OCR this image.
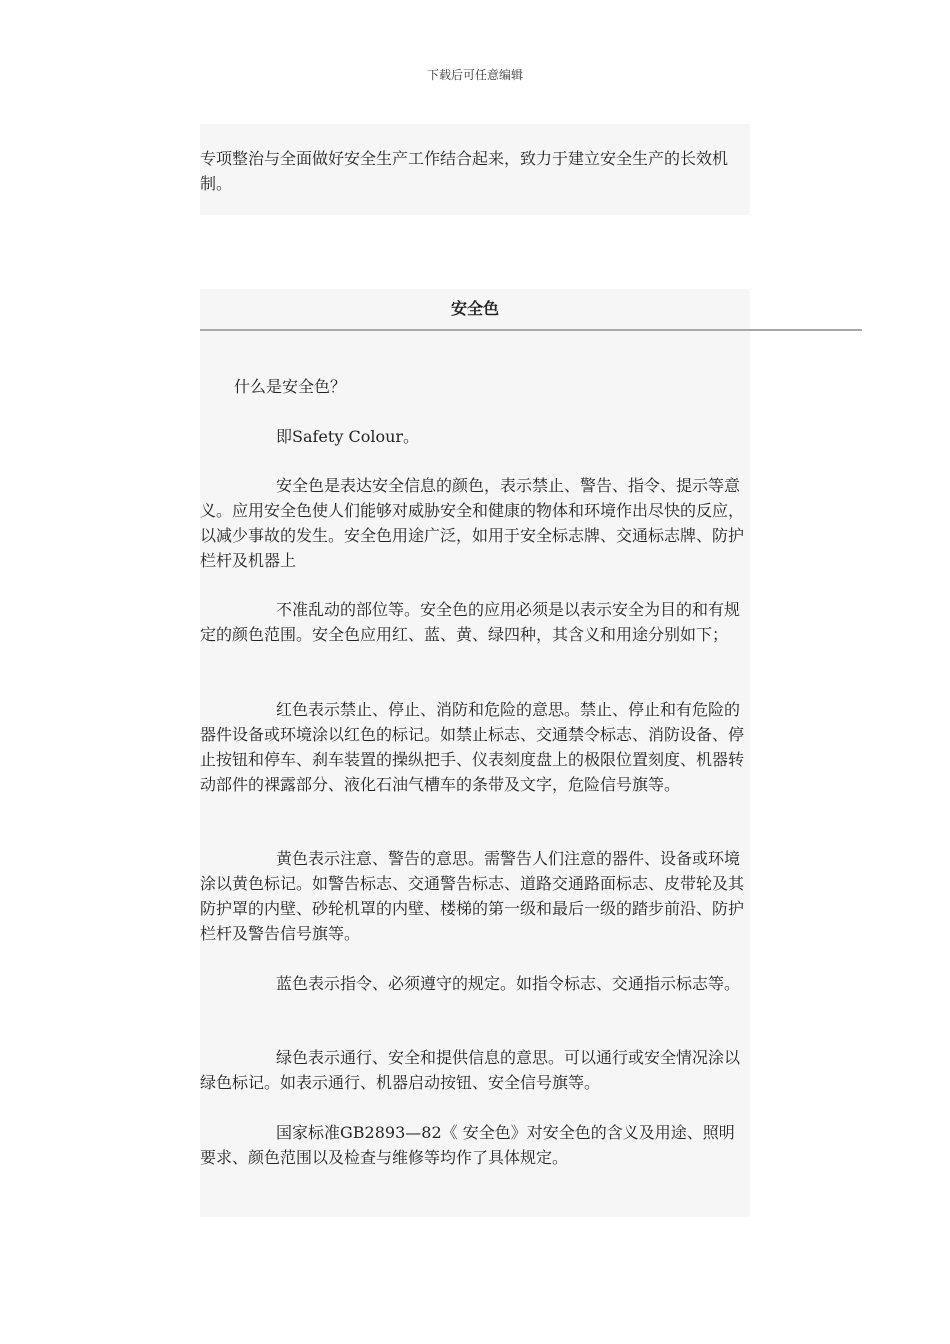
下载后可任意编辑

专项整治与全面做好安全生产工作结合起来，致力于建立安全生产的长效机制。

安全色

什么是安全色？

即Safety Colour。

安全色是表达安全信息的颜色，表示禁止、警告、指令、提示等意义。应用安全色使人们能够对威胁安全和健康的物体和环境作出尽快的反应，以减少事故的发生。安全色用途广泛，如用于安全标志牌、交通标志牌、防护栏杆及机器上

不准乱动的部位等。安全色的应用必须是以表示安全为目的和有规定的颜色范围。安全色应用红、蓝、黄、绿四种，其含义和用途分别如下；

红色表示禁止、停止、消防和危险的意思。禁止、停止和有危险的器件设备或环境涂以红色的标记。如禁止标志、交通禁令标志、消防设备、停止按钮和停车、刹车装置的操纵把手、仪表刻度盘上的极限位置刻度、机器转动部件的裸露部分、液化石油气槽车的条带及文字，危险信号旗等。

黄色表示注意、警告的意思。需警告人们注意的器件、设备或环境涂以黄色标记。如警告标志、交通警告标志、道路交通路面标志、皮带轮及其防护罩的内壁、砂轮机罩的内壁、楼梯的第一级和最后一级的踏步前沿、防护栏杆及警告信号旗等。

蓝色表示指令、必须遵守的规定。如指令标志、交通指示标志等。

绿色表示通行、安全和提供信息的意思。可以通行或安全情况涂以绿色标记。如表示通行、机器启动按钮、安全信号旗等。

国家标准GB2893—82《 安全色》对安全色的含义及用途、照明要求、颜色范围以及检查与维修等均作了具体规定。
